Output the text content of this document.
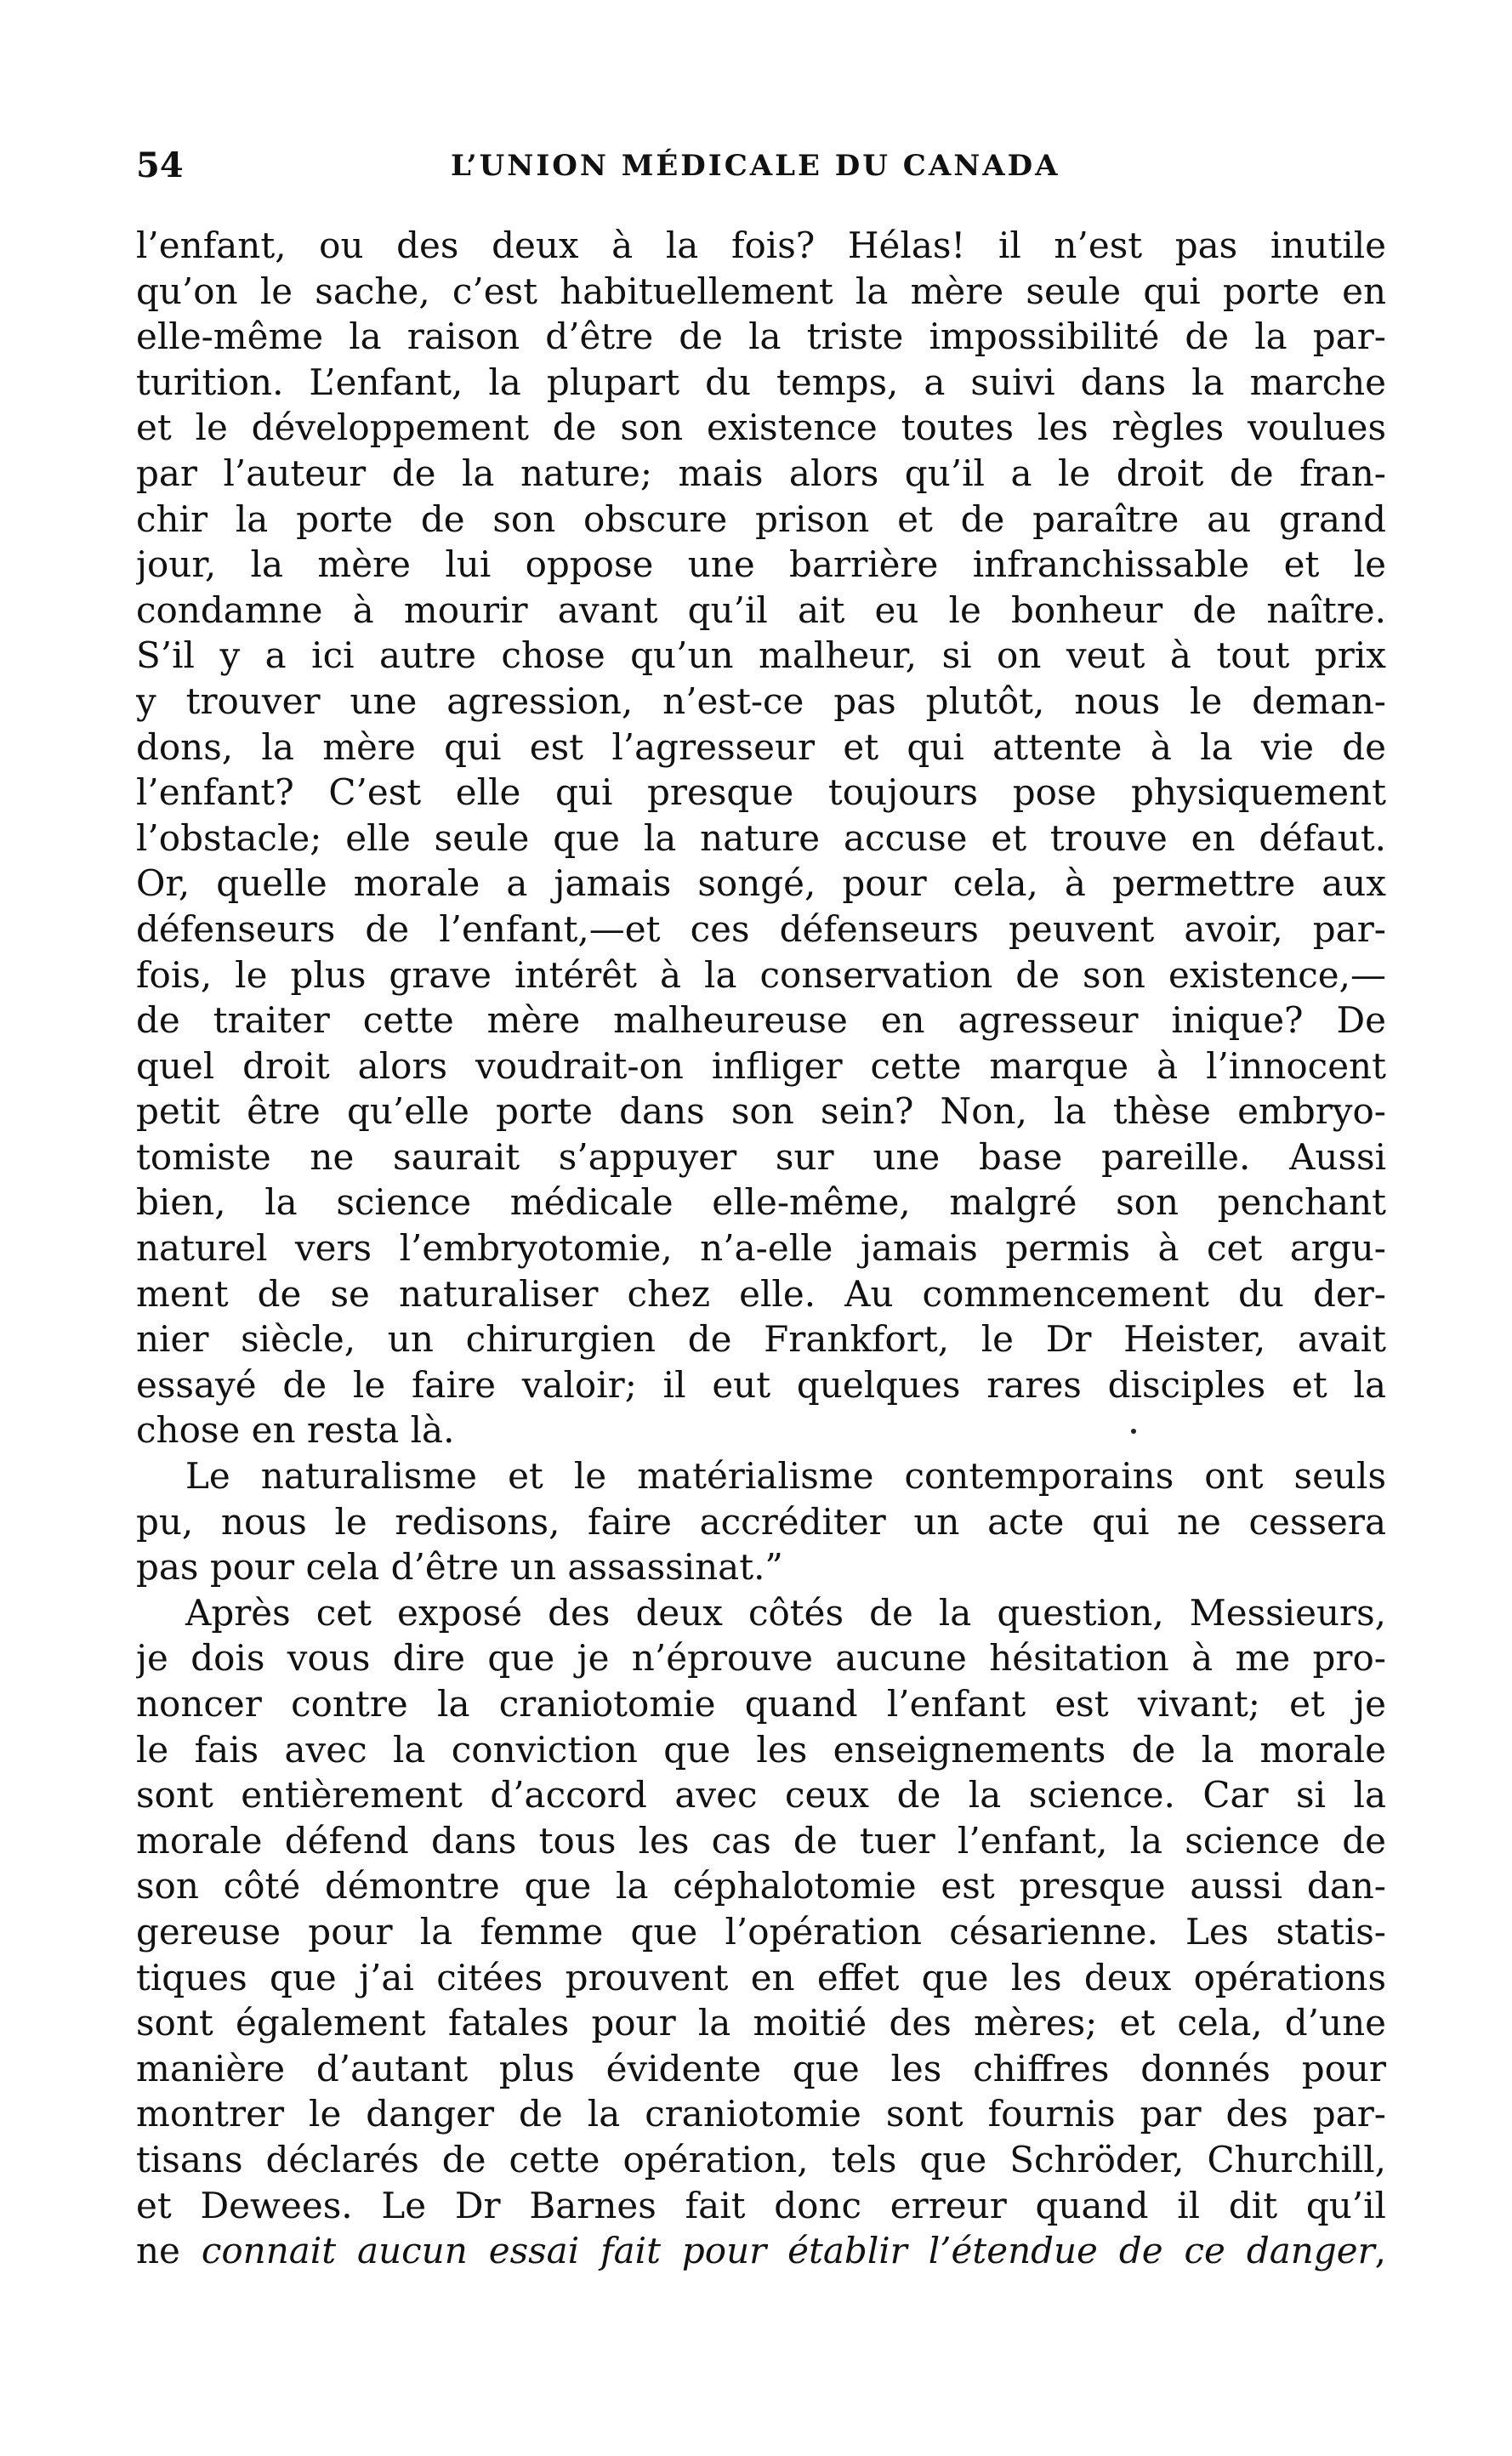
54	L’UNION MÉDICALE DU CANADA
l’enfant, ou des deux à la fois? Hélas! il n’est pas inutile
qu’on le sache, c’est habituellement la mère seule qui porte en
elle-même la raison d’être de la triste impossibilité de la par-
turition. L’enfant, la plupart du temps, a suivi dans la marche
et le développement de son existence toutes les règles voulues
par l’auteur de la nature; mais alors qu’il a le droit de fran-
chir la porte de son obscure prison et de paraître au grand
jour, la mère lui oppose une barrière infranchissable et le
condamne à mourir avant qu’il ait eu le bonheur de naître.
S’il y a ici autre chose qu’un malheur, si on veut à tout prix
y trouver une agression, n’est-ce pas plutôt, nous le deman-
dons, la mère qui est l’agresseur et qui attente à la vie de
l’enfant? C’est elle qui presque toujours pose physiquement
l’obstacle; elle seule que la nature accuse et trouve en défaut.
Or, quelle morale a jamais songé, pour cela, à permettre aux
défenseurs de l’enfant,—et ces défenseurs peuvent avoir, par-
fois, le plus grave intérêt à la conservation de son existence,—
de traiter cette mère malheureuse en agresseur inique? De
quel droit alors voudrait-on infliger cette marque à l’innocent
petit être qu’elle porte dans son sein? Non, la thèse embryo-
tomiste ne saurait s’appuyer sur une base pareille. Aussi
bien, la science médicale elle-même, malgré son penchant
naturel vers l’embryotomie, n’a-elle jamais permis à cet argu-
ment de se naturaliser chez elle. Au commencement du der-
nier siècle, un chirurgien de Frankfort, le Dr Heister, avait
essayé de le faire valoir; il eut quelques rares disciples et la
chose en resta là.
Le naturalisme et le matérialisme contemporains ont seuls
pu, nous le redisons, faire accréditer un acte qui ne cessera
pas pour cela d’être un assassinat.”
Après cet exposé des deux côtés de la question, Messieurs,
je dois vous dire que je n’éprouve aucune hésitation à me pro-
noncer contre la craniotomie quand l’enfant est vivant; et je
le fais avec la conviction que les enseignements de la morale
sont entièrement d’accord avec ceux de la science. Car si la
morale défend dans tous les cas de tuer l’enfant, la science de
son côté démontre que la céphalotomie est presque aussi dan-
gereuse pour la femme que l’opération césarienne. Les statis-
tiques que j’ai citées prouvent en effet que les deux opérations
sont également fatales pour la moitié des mères; et cela, d’une
manière d’autant plus évidente que les chiffres donnés pour
montrer le danger de la craniotomie sont fournis par des par-
tisans déclarés de cette opération, tels que Schröder, Churchill,
et Dewees. Le Dr Barnes fait donc erreur quand il dit qu’il
ne connait aucun essai fait pour établir l’étendue de ce danger,
